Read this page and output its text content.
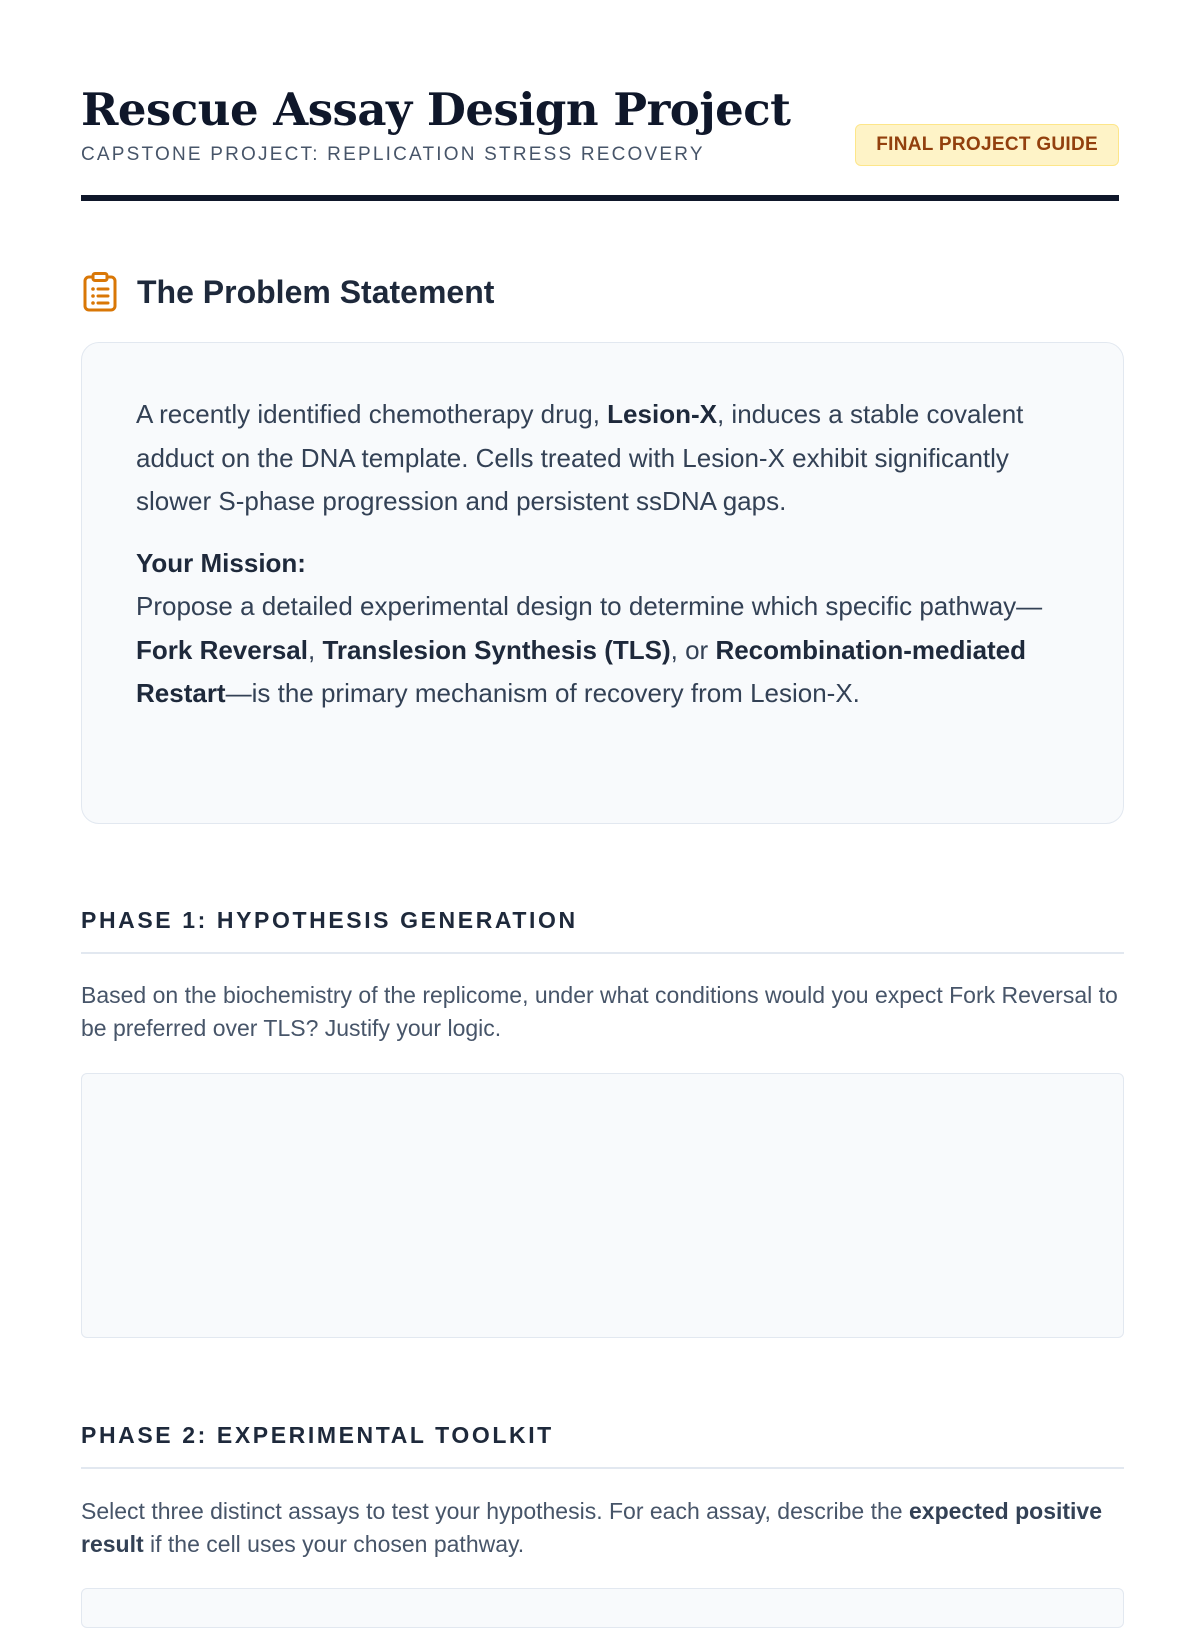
Rescue Assay Design Project
CAPSTONE PROJECT: REPLICATION STRESS RECOVERY	FINAL PROJECT GUIDE
The Problem Statement

A recently identified chemotherapy drug, Lesion-X, induces a stable covalent adduct on the DNA template. Cells treated with Lesion-X exhibit significantly slower S-phase progression and persistent ssDNA gaps.

Your Mission:

Propose a detailed experimental design to determine which specific pathway—Fork Reversal, Translesion Synthesis (TLS), or Recombination-mediated Restart—is the primary mechanism of recovery from Lesion-X.

PHASE 1: HYPOTHESIS GENERATION

Based on the biochemistry of the replicome, under what conditions would you expect Fork Reversal to be preferred over TLS? Justify your logic.

PHASE 2: EXPERIMENTAL TOOLKIT

Select three distinct assays to test your hypothesis. For each assay, describe the expected positive result if the cell uses your chosen pathway.
